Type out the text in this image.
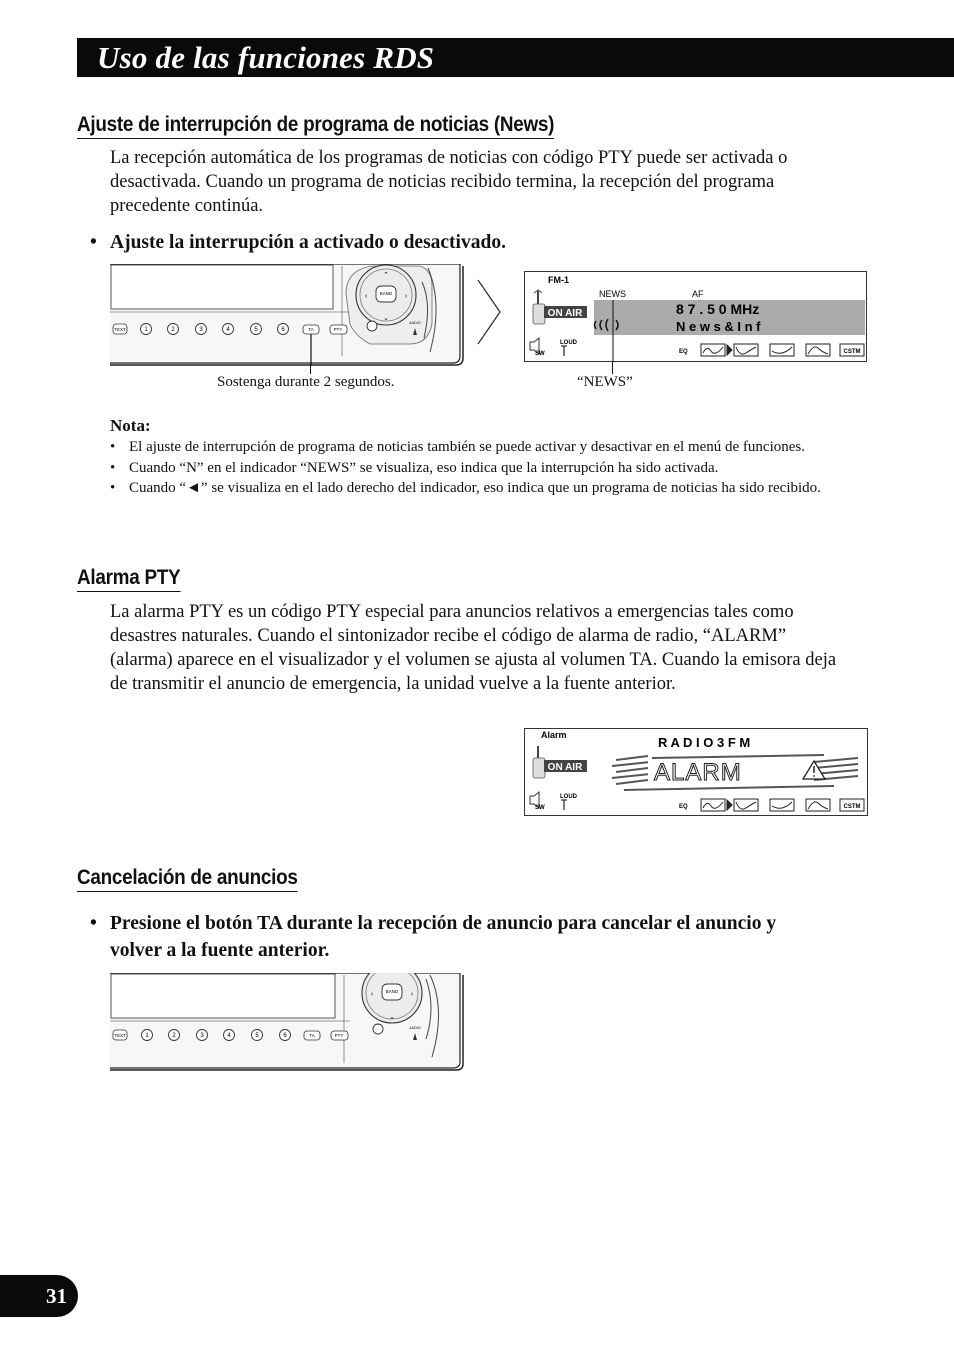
Uso de las funciones RDS
Ajuste de interrupción de programa de noticias (News)

La recepción automática de los programas de noticias con código PTY puede ser activada o desactivada. Cuando un programa de noticias recibido termina, la recepción del programa precedente continúa.

• Ajuste la interrupción a activado o desactivado.

BAND
⌃
⌄
‹	›
AUDIO
TEXT	1	2	3	4	5	6	TA	PTY
FM-1
NEWS	AF
8 7 . 5 0 MHz
N e w s & I n f
ON AIR
SW
LOUD
EQ	CSTM
Sostenga durante 2 segundos.	“NEWS”

Nota:

• El ajuste de interrupción de programa de noticias también se puede activar y desactivar en el menú de funciones.
• Cuando “N” en el indicador “NEWS” se visualiza, eso indica que la interrupción ha sido activada.
• Cuando “◄” se visualiza en el lado derecho del indicador, eso indica que un programa de noticias ha sido recibido.
Alarma PTY

La alarma PTY es un código PTY especial para anuncios relativos a emergencias tales como desastres naturales. Cuando el sintonizador recibe el código de alarma de radio, “ALARM” (alarma) aparece en el visualizador y el volumen se ajusta al volumen TA. Cuando la emisora deja de transmitir el anuncio de emergencia, la unidad vuelve a la fuente anterior.

Alarm	R A D I O 3 F M
ALARM
ON AIR
SW
LOUD
EQ	CSTM
Cancelación de anuncios

• Presione el botón TA durante la recepción de anuncio para cancelar el anuncio y volver a la fuente anterior.

BAND
⌄
‹	›
AUDIO
TEXT	1	2	3	4	5	6	TA	PTY
31
